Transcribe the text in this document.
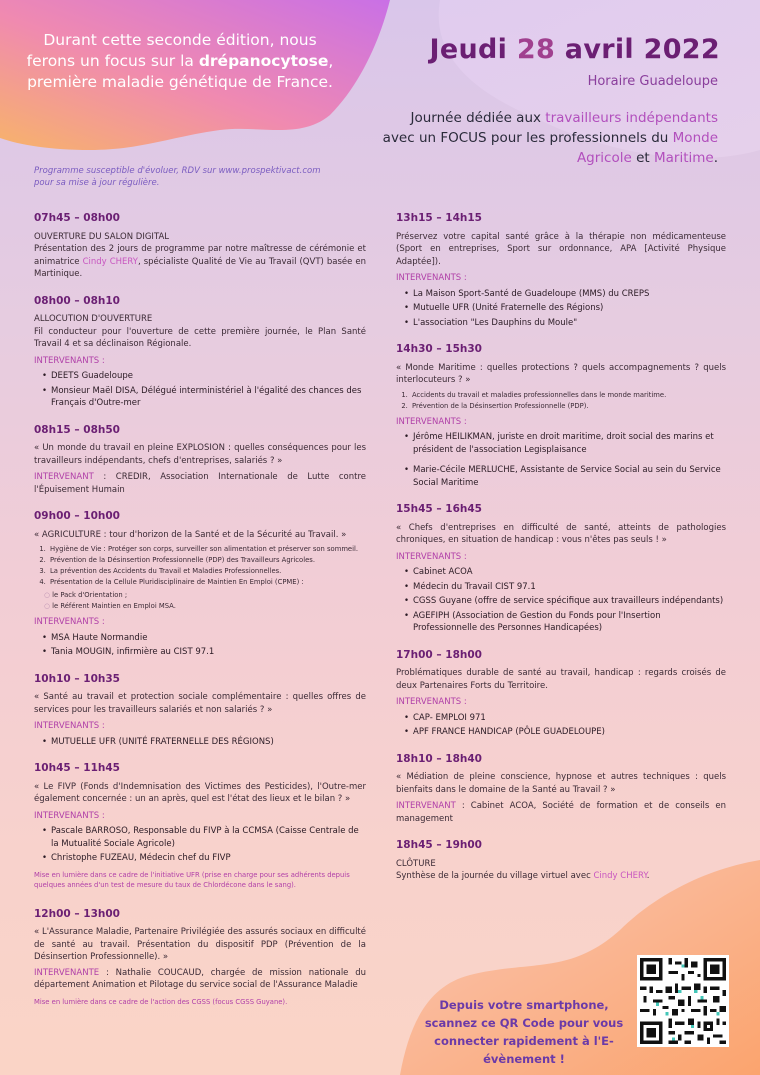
Durant cette seconde édition, nous ferons un focus sur la drépanocytose, première maladie génétique de France.
Jeudi 28 avril 2022
Horaire Guadeloupe
Journée dédiée aux travailleurs indépendants
avec un FOCUS pour les professionnels du Monde Agricole et Maritime.
Programme susceptible d'évoluer, RDV sur www.prospektivact.com pour sa mise à jour régulière.
07h45 – 08h00
OUVERTURE DU SALON DIGITAL
Présentation des 2 jours de programme par notre maîtresse de cérémonie et animatrice Cindy CHERY, spécialiste Qualité de Vie au Travail (QVT) basée en Martinique.
08h00 – 08h10
ALLOCUTION D'OUVERTURE
Fil conducteur pour l'ouverture de cette première journée, le Plan Santé Travail 4 et sa déclinaison Régionale.
INTERVENANTS :
• DEETS Guadeloupe
• Monsieur Maël DISA, Délégué interministériel à l'égalité des chances des Français d'Outre-mer
08h15 – 08h50
« Un monde du travail en pleine EXPLOSION : quelles conséquences pour les travailleurs indépendants, chefs d'entreprises, salariés ? »
INTERVENANT : CREDIR, Association Internationale de Lutte contre l'Épuisement Humain
09h00 – 10h00
« AGRICULTURE : tour d'horizon de la Santé et de la Sécurité au Travail. »
1. Hygiène de Vie : Protéger son corps, surveiller son alimentation et préserver son sommeil.
2. Prévention de la Désinsertion Professionnelle (PDP) des Travailleurs Agricoles.
3. La prévention des Accidents du Travail et Maladies Professionnelles.
4. Présentation de la Cellule Pluridisciplinaire de Maintien En Emploi (CPME) :
○ le Pack d'Orientation ;
○ le Référent Maintien en Emploi MSA.
INTERVENANTS :
• MSA Haute Normandie
• Tania MOUGIN, infirmière au CIST 97.1
10h10 – 10h35
« Santé au travail et protection sociale complémentaire : quelles offres de services pour les travailleurs salariés et non salariés ? »
INTERVENANTS :
• MUTUELLE UFR (UNITÉ FRATERNELLE DES RÉGIONS)
10h45 – 11h45
« Le FIVP (Fonds d'Indemnisation des Victimes des Pesticides), l'Outre-mer également concernée : un an après, quel est l'état des lieux et le bilan ? »
INTERVENANTS :
• Pascale BARROSO, Responsable du FIVP à la CCMSA (Caisse Centrale de la Mutualité Sociale Agricole)
• Christophe FUZEAU, Médecin chef du FIVP
Mise en lumière dans ce cadre de l'initiative UFR (prise en charge pour ses adhérents depuis quelques années d'un test de mesure du taux de Chlordécone dans le sang).
12h00 – 13h00
« L'Assurance Maladie, Partenaire Privilégiée des assurés sociaux en difficulté de santé au travail. Présentation du dispositif PDP (Prévention de la Désinsertion Professionnelle). »
INTERVENANTE : Nathalie COUCAUD, chargée de mission nationale du département Animation et Pilotage du service social de l'Assurance Maladie
Mise en lumière dans ce cadre de l'action des CGSS (focus CGSS Guyane).
13h15 – 14h15
Préservez votre capital santé grâce à la thérapie non médicamenteuse (Sport en entreprises, Sport sur ordonnance, APA [Activité Physique Adaptée]).
INTERVENANTS :
• La Maison Sport-Santé de Guadeloupe (MMS) du CREPS
• Mutuelle UFR (Unité Fraternelle des Régions)
• L'association "Les Dauphins du Moule"
14h30 – 15h30
« Monde Maritime : quelles protections ? quels accompagnements ? quels interlocuteurs ? »
1. Accidents du travail et maladies professionnelles dans le monde maritime.
2. Prévention de la Désinsertion Professionnelle (PDP).
INTERVENANTS :
• Jérôme HEILIKMAN, juriste en droit maritime, droit social des marins et président de l'association Legisplaisance
• Marie-Cécile MERLUCHE, Assistante de Service Social au sein du Service Social Maritime
15h45 – 16h45
« Chefs d'entreprises en difficulté de santé, atteints de pathologies chroniques, en situation de handicap : vous n'êtes pas seuls ! »
INTERVENANTS :
• Cabinet ACOA
• Médecin du Travail CIST 97.1
• CGSS Guyane (offre de service spécifique aux travailleurs indépendants)
• AGEFIPH (Association de Gestion du Fonds pour l'Insertion Professionnelle des Personnes Handicapées)
17h00 – 18h00
Problématiques durable de santé au travail, handicap : regards croisés de deux Partenaires Forts du Territoire.
INTERVENANTS :
• CAP- EMPLOI 971
• APF FRANCE HANDICAP (PÔLE GUADELOUPE)
18h10 – 18h40
« Médiation de pleine conscience, hypnose et autres techniques : quels bienfaits dans le domaine de la Santé au Travail ? »
INTERVENANT : Cabinet ACOA, Société de formation et de conseils en management
18h45 – 19h00
CLÔTURE
Synthèse de la journée du village virtuel avec Cindy CHERY.
Depuis votre smartphone, scannez ce QR Code pour vous connecter rapidement à l'E-évènement !
